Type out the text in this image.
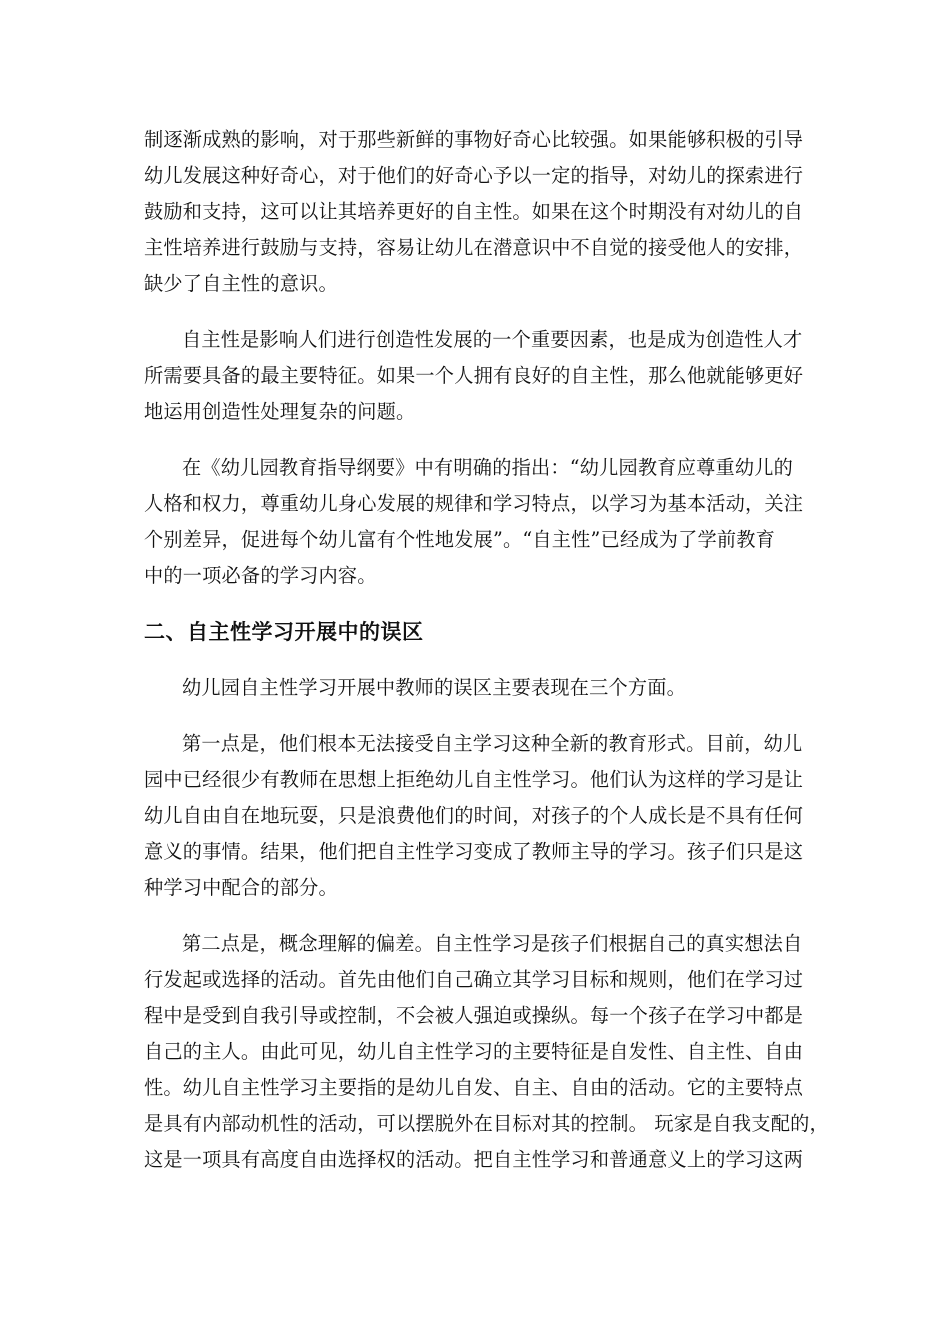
制逐渐成熟的影响，对于那些新鲜的事物好奇心比较强。如果能够积极的引导
幼儿发展这种好奇心，对于他们的好奇心予以一定的指导，对幼儿的探索进行
鼓励和支持，这可以让其培养更好的自主性。如果在这个时期没有对幼儿的自
主性培养进行鼓励与支持，容易让幼儿在潜意识中不自觉的接受他人的安排，
缺少了自主性的意识。

自主性是影响人们进行创造性发展的一个重要因素，也是成为创造性人才
所需要具备的最主要特征。如果一个人拥有良好的自主性，那么他就能够更好
地运用创造性处理复杂的问题。

在《幼儿园教育指导纲要》中有明确的指出：“幼儿园教育应尊重幼儿的
人格和权力，尊重幼儿身心发展的规律和学习特点，以学习为基本活动，关注
个别差异，促进每个幼儿富有个性地发展”。“自主性”已经成为了学前教育
中的一项必备的学习内容。

二、自主性学习开展中的误区

幼儿园自主性学习开展中教师的误区主要表现在三个方面。

第一点是，他们根本无法接受自主学习这种全新的教育形式。目前，幼儿
园中已经很少有教师在思想上拒绝幼儿自主性学习。他们认为这样的学习是让
幼儿自由自在地玩耍，只是浪费他们的时间，对孩子的个人成长是不具有任何
意义的事情。结果，他们把自主性学习变成了教师主导的学习。孩子们只是这
种学习中配合的部分。

第二点是，概念理解的偏差。自主性学习是孩子们根据自己的真实想法自
行发起或选择的活动。首先由他们自己确立其学习目标和规则，他们在学习过
程中是受到自我引导或控制，不会被人强迫或操纵。每一个孩子在学习中都是
自己的主人。由此可见，幼儿自主性学习的主要特征是自发性、自主性、自由
性。幼儿自主性学习主要指的是幼儿自发、自主、自由的活动。它的主要特点
是具有内部动机性的活动，可以摆脱外在目标对其的控制。 玩家是自我支配的，
这是一项具有高度自由选择权的活动。把自主性学习和普通意义上的学习这两
